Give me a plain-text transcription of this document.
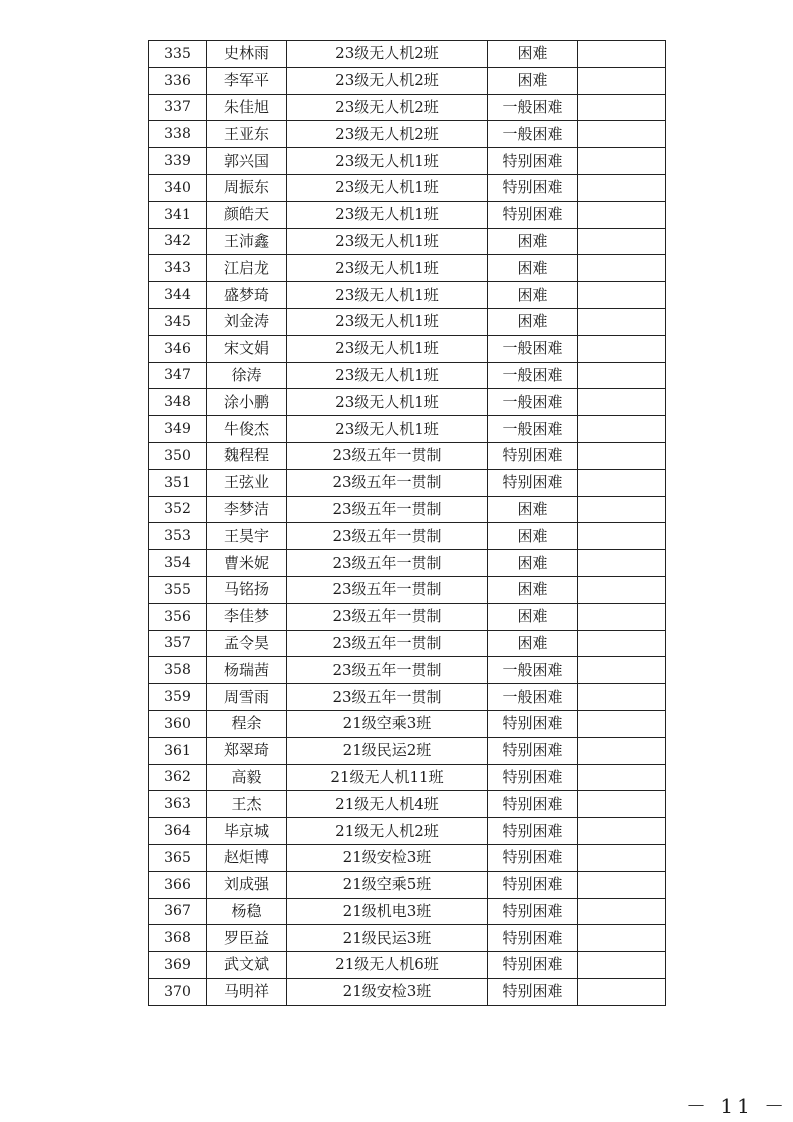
335	史林雨	23级无人机2班	困难	
336	李军平	23级无人机2班	困难	
337	朱佳旭	23级无人机2班	一般困难	
338	王亚东	23级无人机2班	一般困难	
339	郭兴国	23级无人机1班	特别困难	
340	周振东	23级无人机1班	特别困难	
341	颜皓天	23级无人机1班	特别困难	
342	王沛鑫	23级无人机1班	困难	
343	江启龙	23级无人机1班	困难	
344	盛梦琦	23级无人机1班	困难	
345	刘金涛	23级无人机1班	困难	
346	宋文娟	23级无人机1班	一般困难	
347	徐涛	23级无人机1班	一般困难	
348	涂小鹏	23级无人机1班	一般困难	
349	牛俊杰	23级无人机1班	一般困难	
350	魏程程	23级五年一贯制	特别困难	
351	王弦业	23级五年一贯制	特别困难	
352	李梦洁	23级五年一贯制	困难	
353	王昊宇	23级五年一贯制	困难	
354	曹米妮	23级五年一贯制	困难	
355	马铭扬	23级五年一贯制	困难	
356	李佳梦	23级五年一贯制	困难	
357	孟令昊	23级五年一贯制	困难	
358	杨瑞茜	23级五年一贯制	一般困难	
359	周雪雨	23级五年一贯制	一般困难	
360	程余	21级空乘3班	特别困难	
361	郑翠琦	21级民运2班	特别困难	
362	高毅	21级无人机11班	特别困难	
363	王杰	21级无人机4班	特别困难	
364	毕京城	21级无人机2班	特别困难	
365	赵炬博	21级安检3班	特别困难	
366	刘成强	21级空乘5班	特别困难	
367	杨稳	21级机电3班	特别困难	
368	罗臣益	21级民运3班	特别困难	
369	武文斌	21级无人机6班	特别困难	
370	马明祥	21级安检3班	特别困难	
－ 11 －
